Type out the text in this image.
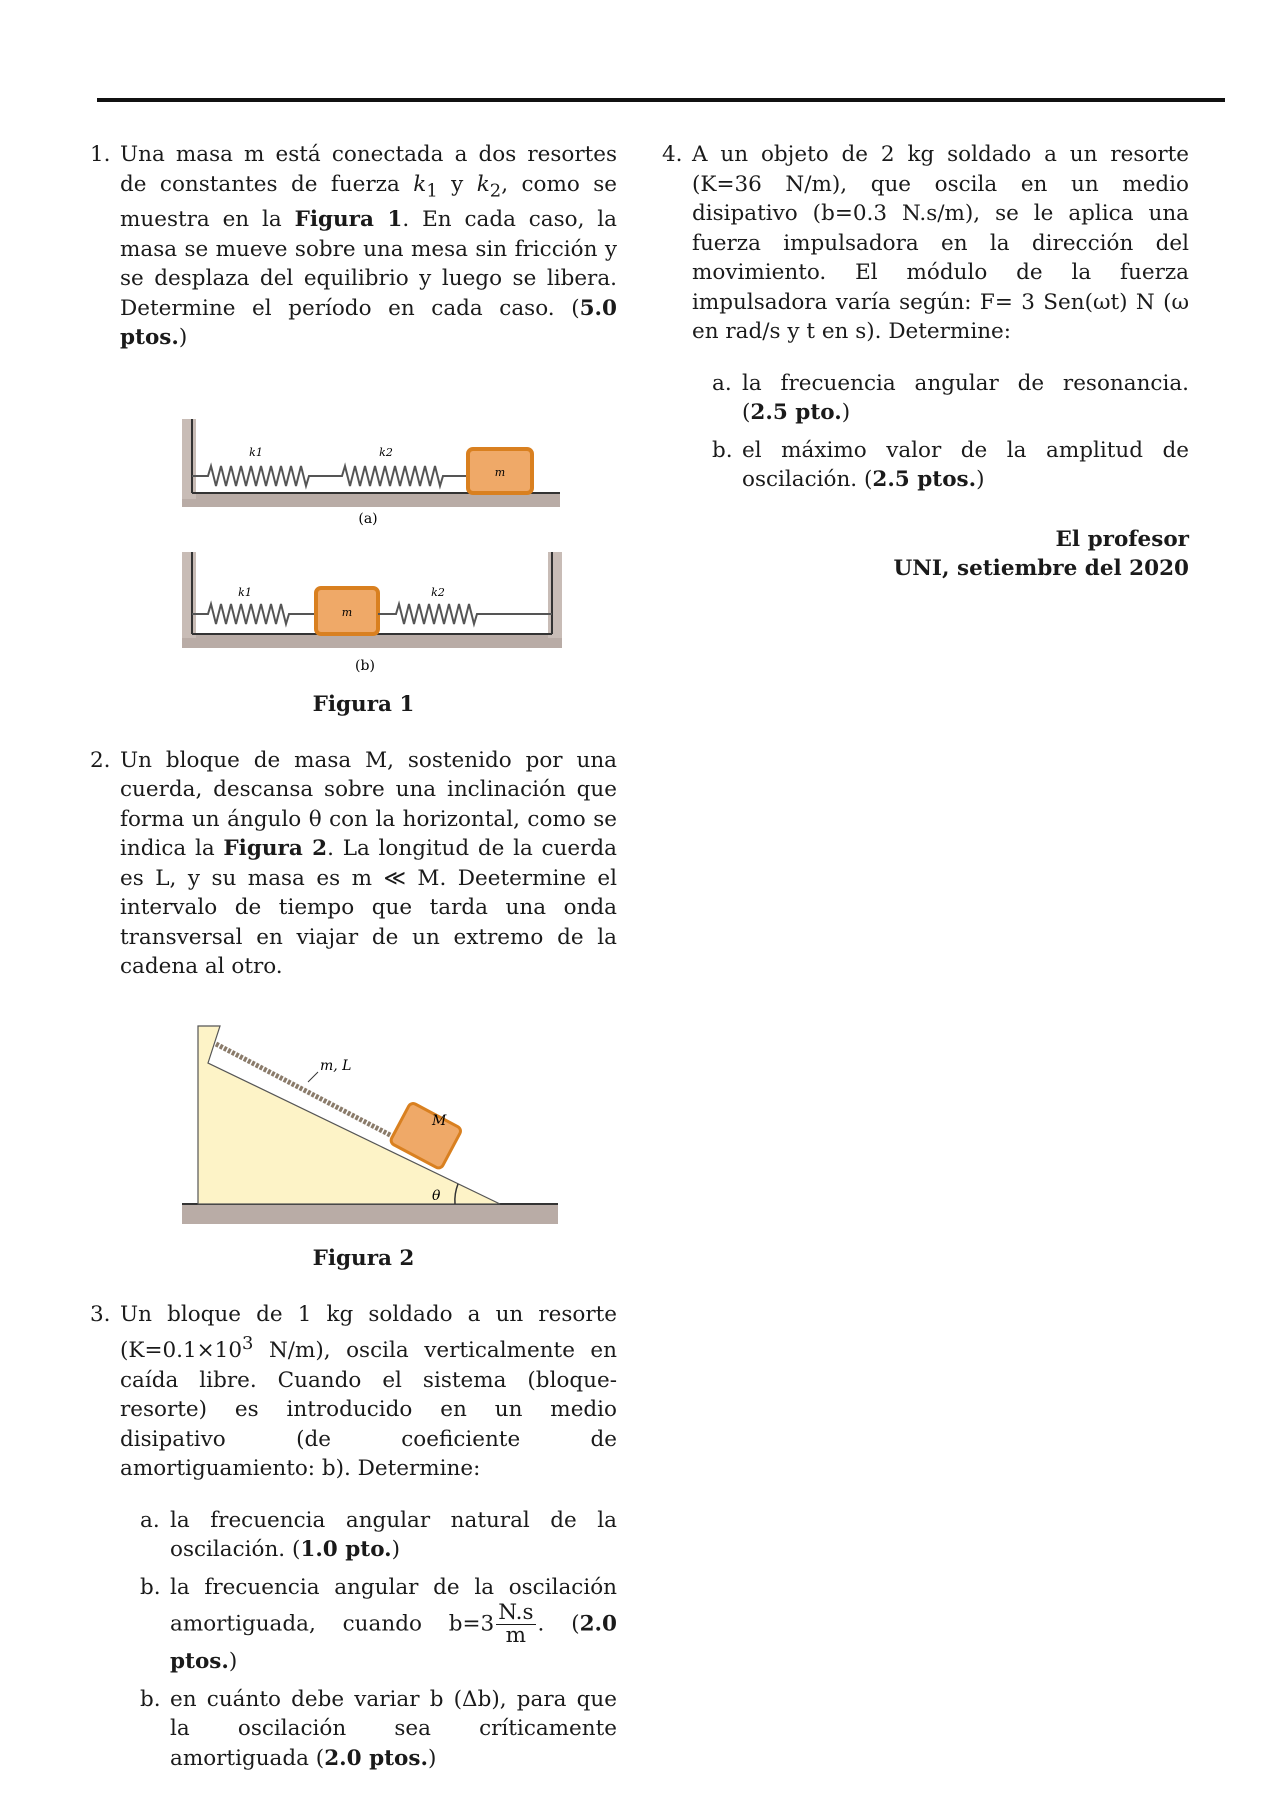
1. Una masa m está conectada a dos resortes de constantes de fuerza $k_1$ y $k_2$, como se muestra en la Figura 1. En cada caso, la masa se mueve sobre una mesa sin fricción y se desplaza del equilibrio y luego se libera. Determine el período en cada caso. (5.0 ptos.)
m
k1	k2
(a)
m
k1	k2
(b)
Figura 1
2. Un bloque de masa M, sostenido por una cuerda, descansa sobre una inclinación que forma un ángulo θ con la horizontal, como se indica la Figura 2. La longitud de la cuerda es L, y su masa es m ≪ M. Deetermine el intervalo de tiempo que tarda una onda transversal en viajar de un extremo de la cadena al otro.
m, L
M
θ
Figura 2
3. Un bloque de 1 kg soldado a un resorte ($K=0.1\times 10^3$ N/m), oscila verticalmente en caída libre. Cuando el sistema (bloque-resorte) es introducido en un medio disipativo (de coeficiente de amortiguamiento: b). Determine:
a. la frecuencia angular natural de la oscilación. (1.0 pto.)
b. la frecuencia angular de la oscilación amortiguada, cuando $b=3 \frac{N.s}{m}$ . (2.0 ptos.)
b. en cuánto debe variar b (Δb), para que la oscilación sea críticamente amortiguada (2.0 ptos.)
4. A un objeto de 2 kg soldado a un resorte (K=36 N/m), que oscila en un medio disipativo (b=0.3 N.s/m), se le aplica una fuerza impulsadora en la dirección del movimiento. El módulo de la fuerza impulsadora varía según: F= 3 Sen(ωt) N (ω en rad/s y t en s). Determine:
a. la frecuencia angular de resonancia. (2.5 pto.)
b. el máximo valor de la amplitud de oscilación. (2.5 ptos.)
El profesor
UNI, setiembre del 2020
